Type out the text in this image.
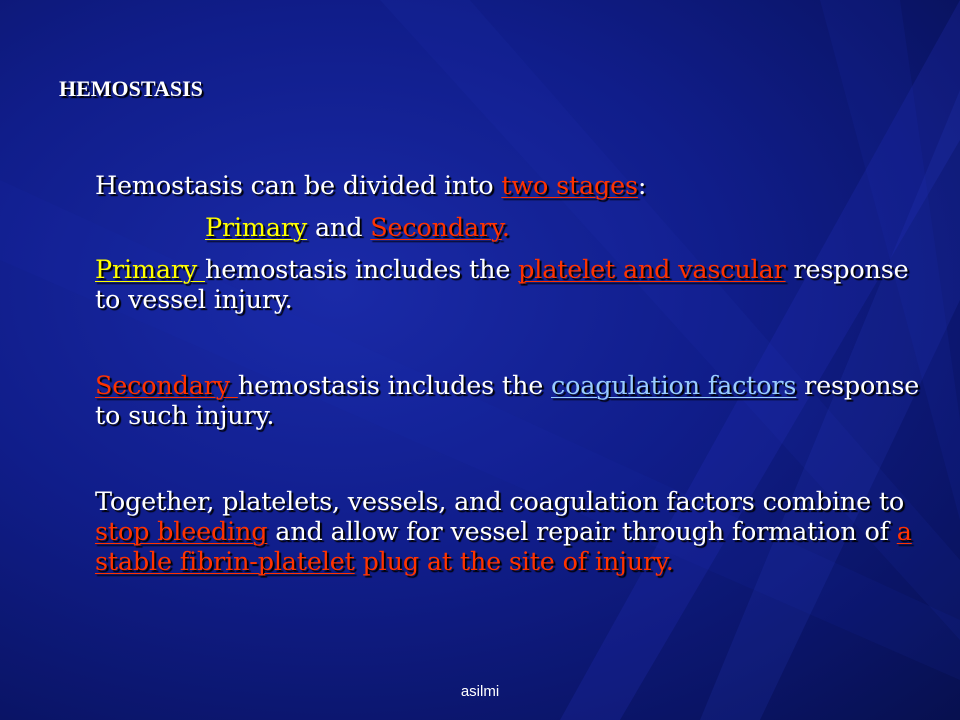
HEMOSTASIS

Hemostasis can be divided into two stages:

Primary and Secondary.

Primary hemostasis includes the platelet and vascular response to vessel injury.

Secondary hemostasis includes the coagulation factors response to such injury.

Together, platelets, vessels, and coagulation factors combine to stop bleeding and allow for vessel repair through formation of a stable fibrin-platelet plug at the site of injury.

asilmi
